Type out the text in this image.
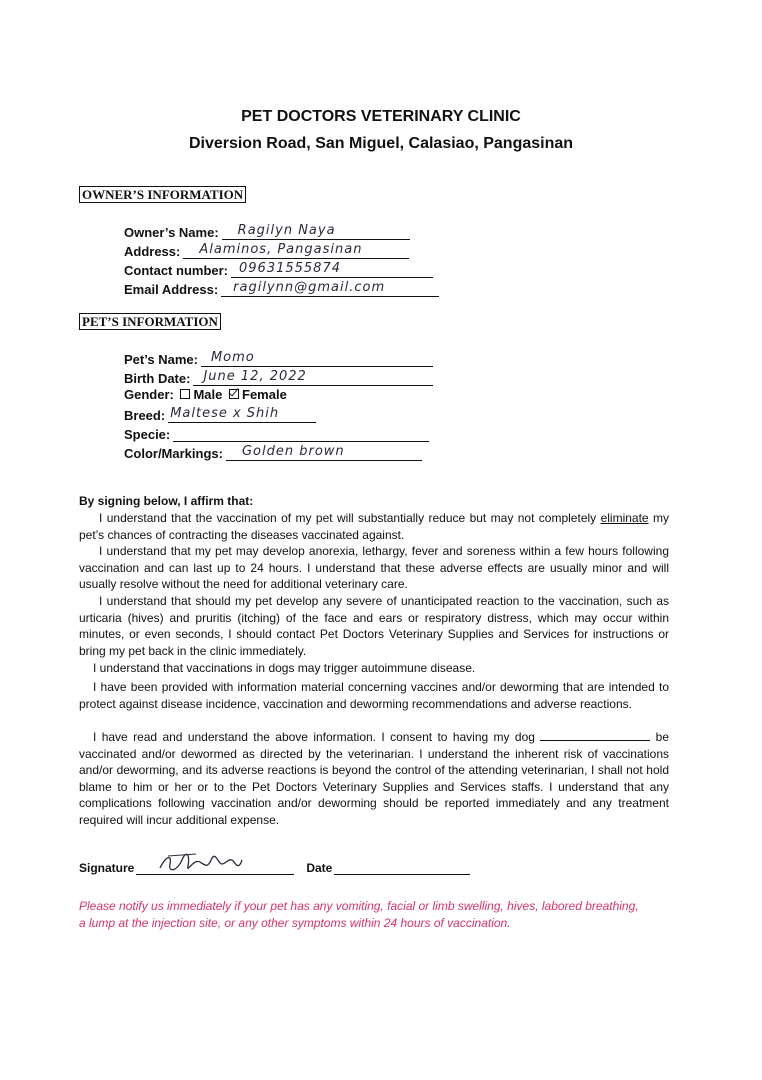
PET DOCTORS VETERINARY CLINIC
Diversion Road, San Miguel, Calasiao, Pangasinan
OWNER’S INFORMATION
Owner’s Name: Ragilyn Naya
Address: Alaminos, Pangasinan
Contact number: 09631555874
Email Address: ragilynn@gmail.com
PET’S INFORMATION
Pet’s Name: Momo
Birth Date: June 12, 2022
Gender: Male Female
Breed: Maltese x Shih
Specie:
Color/Markings: Golden brown
By signing below, I affirm that:
I understand that the vaccination of my pet will substantially reduce but may not completely eliminate my pet’s chances of contracting the diseases vaccinated against.
I understand that my pet may develop anorexia, lethargy, fever and soreness within a few hours following vaccination and can last up to 24 hours. I understand that these adverse effects are usually minor and will usually resolve without the need for additional veterinary care.
I understand that should my pet develop any severe of unanticipated reaction to the vaccination, such as urticaria (hives) and pruritis (itching) of the face and ears or respiratory distress, which may occur within minutes, or even seconds, I should contact Pet Doctors Veterinary Supplies and Services for instructions or bring my pet back in the clinic immediately.
I understand that vaccinations in dogs may trigger autoimmune disease.
I have been provided with information material concerning vaccines and/or deworming that are intended to protect against disease incidence, vaccination and deworming recommendations and adverse reactions.
I have read and understand the above information. I consent to having my dog	be vaccinated and/or dewormed as directed by the veterinarian. I understand the inherent risk of vaccinations and/or deworming, and its adverse reactions is beyond the control of the attending veterinarian, I shall not hold blame to him or her or to the Pet Doctors Veterinary Supplies and Services staffs. I understand that any complications following vaccination and/or deworming should be reported immediately and any treatment required will incur additional expense.
Signature	Date
Please notify us immediately if your pet has any vomiting, facial or limb swelling, hives, labored breathing, a lump at the injection site, or any other symptoms within 24 hours of vaccination.
